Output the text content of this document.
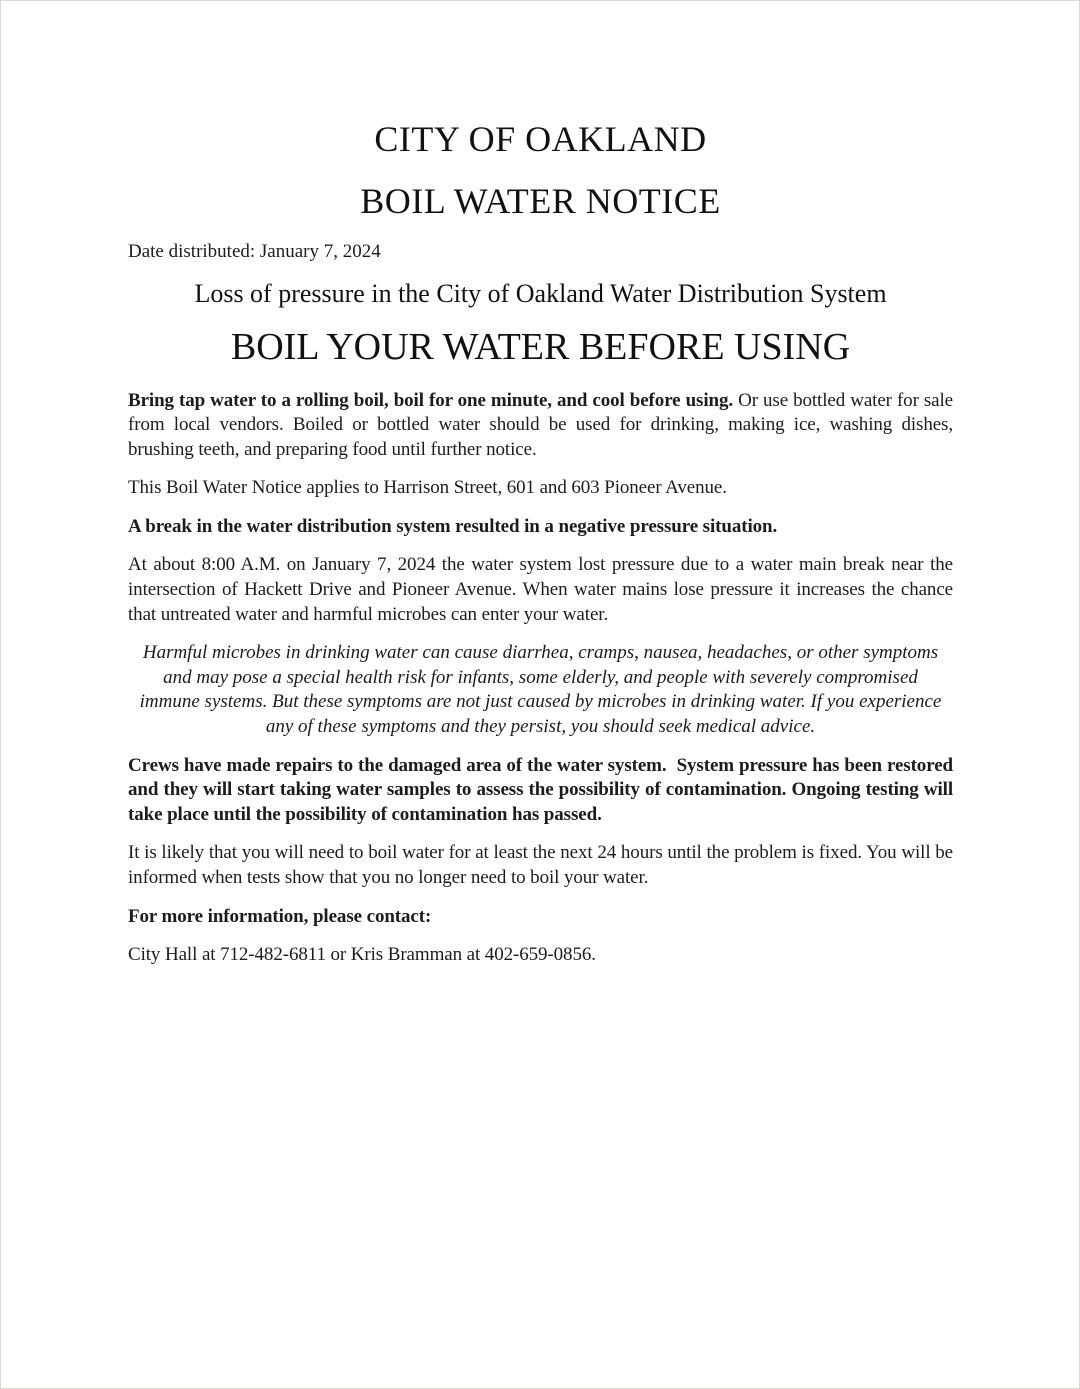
CITY OF OAKLAND
BOIL WATER NOTICE

Date distributed: January 7, 2024

Loss of pressure in the City of Oakland Water Distribution System
BOIL YOUR WATER BEFORE USING

Bring tap water to a rolling boil, boil for one minute, and cool before using. Or use bottled water for sale from local vendors. Boiled or bottled water should be used for drinking, making ice, washing dishes, brushing teeth, and preparing food until further notice.

This Boil Water Notice applies to Harrison Street, 601 and 603 Pioneer Avenue.

A break in the water distribution system resulted in a negative pressure situation.

At about 8:00 A.M. on January 7, 2024 the water system lost pressure due to a water main break near the intersection of Hackett Drive and Pioneer Avenue. When water mains lose pressure it increases the chance that untreated water and harmful microbes can enter your water.

Harmful microbes in drinking water can cause diarrhea, cramps, nausea, headaches, or other symptoms and may pose a special health risk for infants, some elderly, and people with severely compromised immune systems. But these symptoms are not just caused by microbes in drinking water. If you experience any of these symptoms and they persist, you should seek medical advice.

Crews have made repairs to the damaged area of the water system.  System pressure has been restored and they will start taking water samples to assess the possibility of contamination. Ongoing testing will take place until the possibility of contamination has passed.

It is likely that you will need to boil water for at least the next 24 hours until the problem is fixed. You will be informed when tests show that you no longer need to boil your water.

For more information, please contact:

City Hall at 712-482-6811 or Kris Bramman at 402-659-0856.
